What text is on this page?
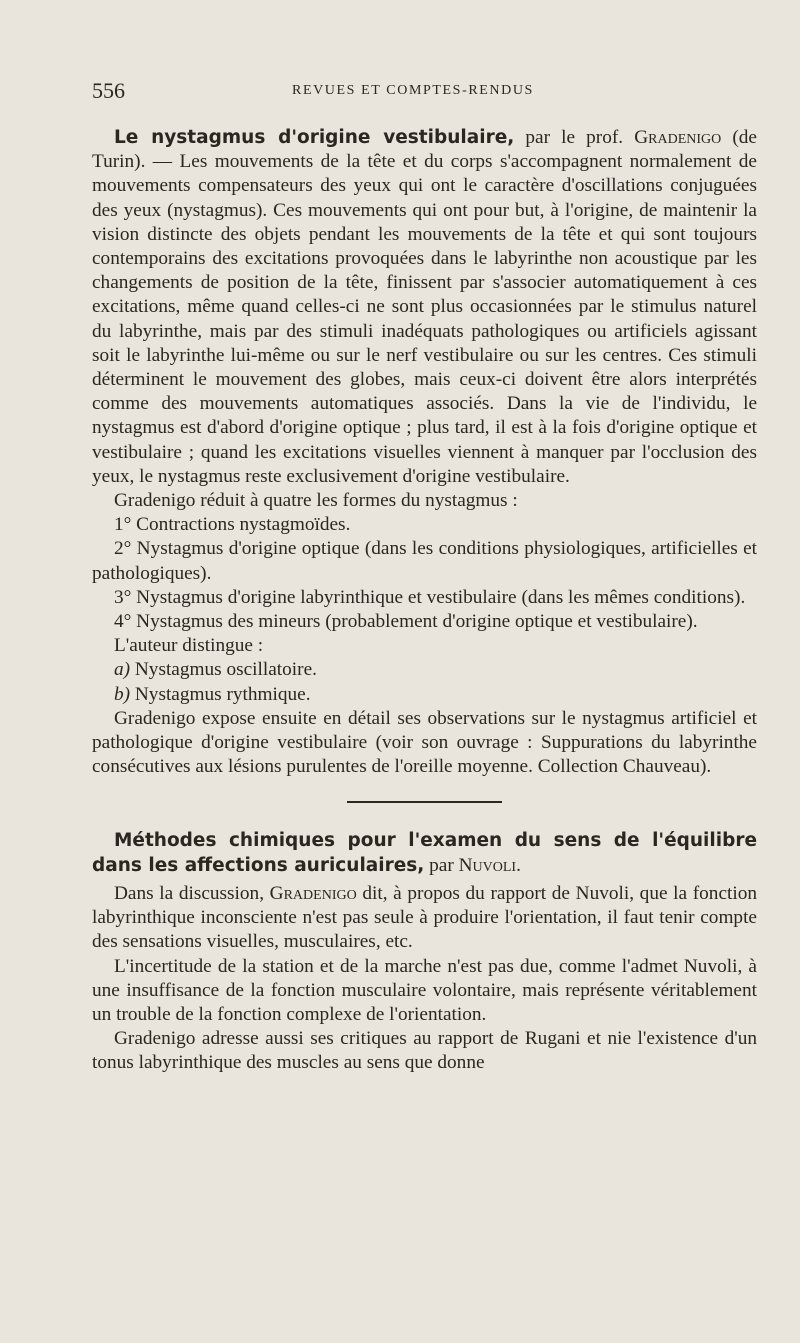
556	REVUES ET COMPTES-RENDUS

Le nystagmus d'origine vestibulaire, par le prof. Gradenigo (de Turin). — Les mouvements de la tête et du corps s'accompagnent normalement de mouvements compensateurs des yeux qui ont le caractère d'oscillations conjuguées des yeux (nystagmus). Ces mouvements qui ont pour but, à l'origine, de maintenir la vision distincte des objets pendant les mouvements de la tête et qui sont toujours contemporains des excitations provoquées dans le labyrinthe non acoustique par les changements de position de la tête, finissent par s'associer automatiquement à ces excitations, même quand celles-ci ne sont plus occasionnées par le stimulus naturel du labyrinthe, mais par des stimuli inadéquats pathologiques ou artificiels agissant soit le labyrinthe lui-même ou sur le nerf vestibulaire ou sur les centres. Ces stimuli déterminent le mouvement des globes, mais ceux-ci doivent être alors interprétés comme des mouvements automatiques associés. Dans la vie de l'individu, le nystagmus est d'abord d'origine optique ; plus tard, il est à la fois d'origine optique et vestibulaire ; quand les excitations visuelles viennent à manquer par l'occlusion des yeux, le nystagmus reste exclusivement d'origine vestibulaire.

Gradenigo réduit à quatre les formes du nystagmus :

1° Contractions nystagmoïdes.

2° Nystagmus d'origine optique (dans les conditions physiologiques, artificielles et pathologiques).

3° Nystagmus d'origine labyrinthique et vestibulaire (dans les mêmes conditions).

4° Nystagmus des mineurs (probablement d'origine optique et vestibulaire).

L'auteur distingue :

a) Nystagmus oscillatoire.

b) Nystagmus rythmique.

Gradenigo expose ensuite en détail ses observations sur le nystagmus artificiel et pathologique d'origine vestibulaire (voir son ouvrage : Suppurations du labyrinthe consécutives aux lésions purulentes de l'oreille moyenne. Collection Chauveau).

Méthodes chimiques pour l'examen du sens de l'équilibre dans les affections auriculaires, par Nuvoli.

Dans la discussion, Gradenigo dit, à propos du rapport de Nuvoli, que la fonction labyrinthique inconsciente n'est pas seule à produire l'orientation, il faut tenir compte des sensations visuelles, musculaires, etc.

L'incertitude de la station et de la marche n'est pas due, comme l'admet Nuvoli, à une insuffisance de la fonction musculaire volontaire, mais représente véritablement un trouble de la fonction complexe de l'orientation.

Gradenigo adresse aussi ses critiques au rapport de Rugani et nie l'existence d'un tonus labyrinthique des muscles au sens que donne
